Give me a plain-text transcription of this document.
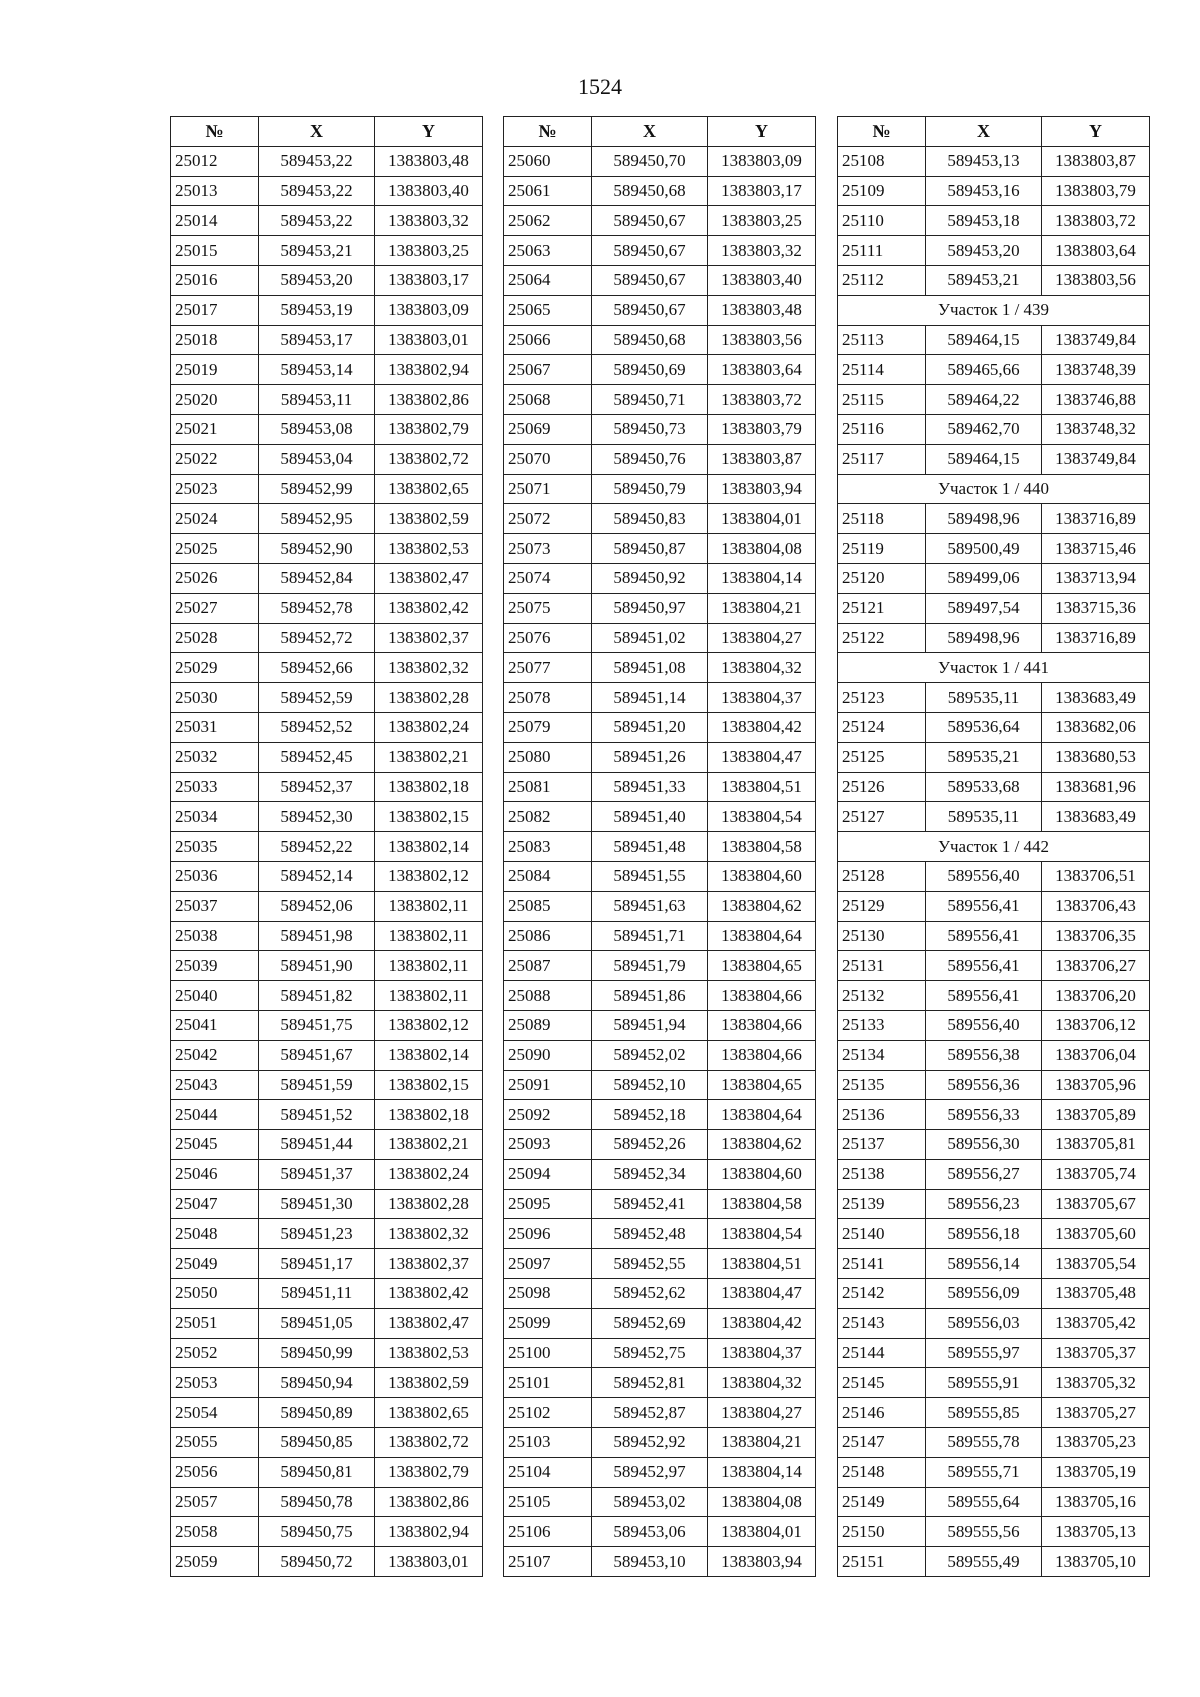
1524
№	X	Y
25012	589453,22	1383803,48
25013	589453,22	1383803,40
25014	589453,22	1383803,32
25015	589453,21	1383803,25
25016	589453,20	1383803,17
25017	589453,19	1383803,09
25018	589453,17	1383803,01
25019	589453,14	1383802,94
25020	589453,11	1383802,86
25021	589453,08	1383802,79
25022	589453,04	1383802,72
25023	589452,99	1383802,65
25024	589452,95	1383802,59
25025	589452,90	1383802,53
25026	589452,84	1383802,47
25027	589452,78	1383802,42
25028	589452,72	1383802,37
25029	589452,66	1383802,32
25030	589452,59	1383802,28
25031	589452,52	1383802,24
25032	589452,45	1383802,21
25033	589452,37	1383802,18
25034	589452,30	1383802,15
25035	589452,22	1383802,14
25036	589452,14	1383802,12
25037	589452,06	1383802,11
25038	589451,98	1383802,11
25039	589451,90	1383802,11
25040	589451,82	1383802,11
25041	589451,75	1383802,12
25042	589451,67	1383802,14
25043	589451,59	1383802,15
25044	589451,52	1383802,18
25045	589451,44	1383802,21
25046	589451,37	1383802,24
25047	589451,30	1383802,28
25048	589451,23	1383802,32
25049	589451,17	1383802,37
25050	589451,11	1383802,42
25051	589451,05	1383802,47
25052	589450,99	1383802,53
25053	589450,94	1383802,59
25054	589450,89	1383802,65
25055	589450,85	1383802,72
25056	589450,81	1383802,79
25057	589450,78	1383802,86
25058	589450,75	1383802,94
25059	589450,72	1383803,01
№	X	Y
25060	589450,70	1383803,09
25061	589450,68	1383803,17
25062	589450,67	1383803,25
25063	589450,67	1383803,32
25064	589450,67	1383803,40
25065	589450,67	1383803,48
25066	589450,68	1383803,56
25067	589450,69	1383803,64
25068	589450,71	1383803,72
25069	589450,73	1383803,79
25070	589450,76	1383803,87
25071	589450,79	1383803,94
25072	589450,83	1383804,01
25073	589450,87	1383804,08
25074	589450,92	1383804,14
25075	589450,97	1383804,21
25076	589451,02	1383804,27
25077	589451,08	1383804,32
25078	589451,14	1383804,37
25079	589451,20	1383804,42
25080	589451,26	1383804,47
25081	589451,33	1383804,51
25082	589451,40	1383804,54
25083	589451,48	1383804,58
25084	589451,55	1383804,60
25085	589451,63	1383804,62
25086	589451,71	1383804,64
25087	589451,79	1383804,65
25088	589451,86	1383804,66
25089	589451,94	1383804,66
25090	589452,02	1383804,66
25091	589452,10	1383804,65
25092	589452,18	1383804,64
25093	589452,26	1383804,62
25094	589452,34	1383804,60
25095	589452,41	1383804,58
25096	589452,48	1383804,54
25097	589452,55	1383804,51
25098	589452,62	1383804,47
25099	589452,69	1383804,42
25100	589452,75	1383804,37
25101	589452,81	1383804,32
25102	589452,87	1383804,27
25103	589452,92	1383804,21
25104	589452,97	1383804,14
25105	589453,02	1383804,08
25106	589453,06	1383804,01
25107	589453,10	1383803,94
№	X	Y
25108	589453,13	1383803,87
25109	589453,16	1383803,79
25110	589453,18	1383803,72
25111	589453,20	1383803,64
25112	589453,21	1383803,56
Участок 1 / 439		
25113	589464,15	1383749,84
25114	589465,66	1383748,39
25115	589464,22	1383746,88
25116	589462,70	1383748,32
25117	589464,15	1383749,84
Участок 1 / 440		
25118	589498,96	1383716,89
25119	589500,49	1383715,46
25120	589499,06	1383713,94
25121	589497,54	1383715,36
25122	589498,96	1383716,89
Участок 1 / 441		
25123	589535,11	1383683,49
25124	589536,64	1383682,06
25125	589535,21	1383680,53
25126	589533,68	1383681,96
25127	589535,11	1383683,49
Участок 1 / 442		
25128	589556,40	1383706,51
25129	589556,41	1383706,43
25130	589556,41	1383706,35
25131	589556,41	1383706,27
25132	589556,41	1383706,20
25133	589556,40	1383706,12
25134	589556,38	1383706,04
25135	589556,36	1383705,96
25136	589556,33	1383705,89
25137	589556,30	1383705,81
25138	589556,27	1383705,74
25139	589556,23	1383705,67
25140	589556,18	1383705,60
25141	589556,14	1383705,54
25142	589556,09	1383705,48
25143	589556,03	1383705,42
25144	589555,97	1383705,37
25145	589555,91	1383705,32
25146	589555,85	1383705,27
25147	589555,78	1383705,23
25148	589555,71	1383705,19
25149	589555,64	1383705,16
25150	589555,56	1383705,13
25151	589555,49	1383705,10
